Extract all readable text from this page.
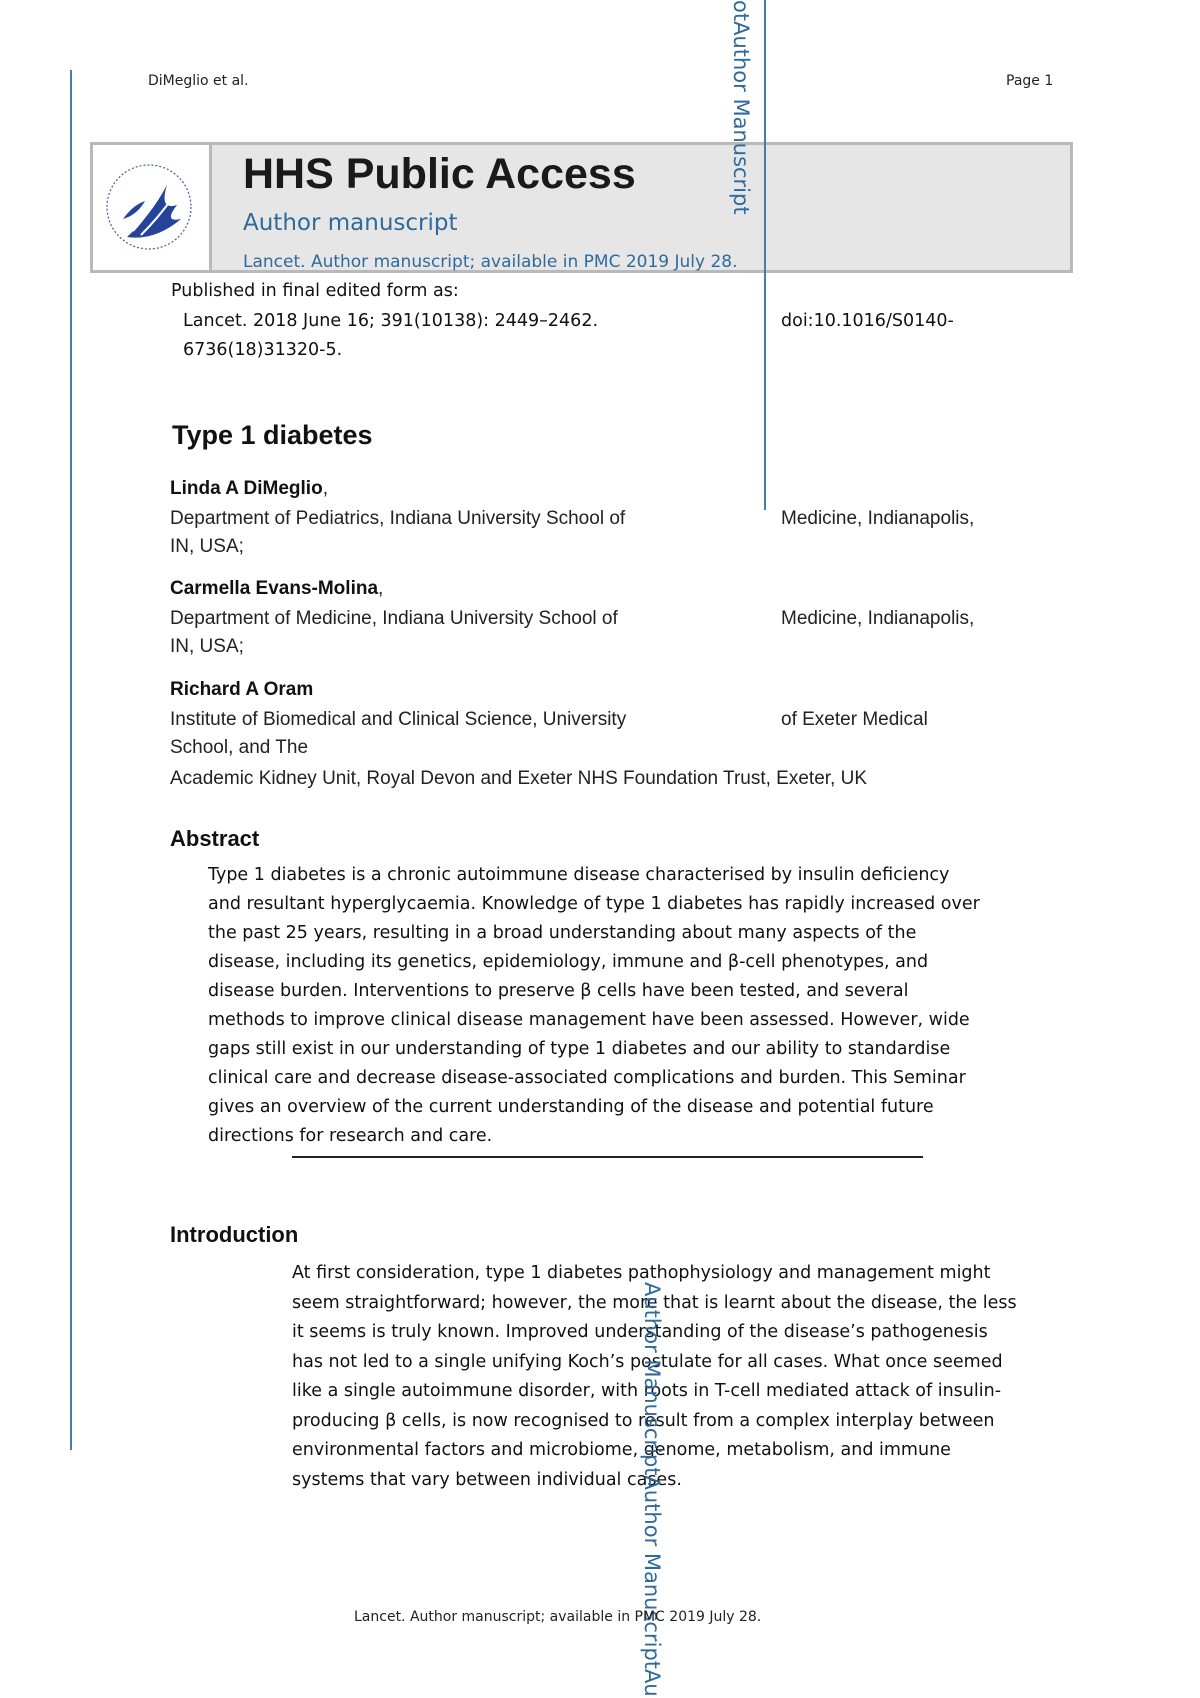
DiMeglio et al.	Page 1
HHS Public Access
Author manuscript
Lancet. Author manuscript; available in PMC 2019 July 28.
otAuthor Manuscript
Published in final edited form as:
Lancet. 2018 June 16; 391(10138): 2449–2462.	doi:10.1016/S0140-
6736(18)31320-5.
Type 1 diabetes
Linda A DiMeglio,
Department of Pediatrics, Indiana University School of	Medicine, Indianapolis,
IN, USA;
Carmella Evans-Molina,
Department of Medicine, Indiana University School of	Medicine, Indianapolis,
IN, USA;
Richard A Oram
Institute of Biomedical and Clinical Science, University	of Exeter Medical
School, and The
Academic Kidney Unit, Royal Devon and Exeter NHS Foundation Trust, Exeter, UK
Abstract
Type 1 diabetes is a chronic autoimmune disease characterised by insulin deficiency
and resultant hyperglycaemia. Knowledge of type 1 diabetes has rapidly increased over
the past 25 years, resulting in a broad understanding about many aspects of the
disease, including its genetics, epidemiology, immune and β-cell phenotypes, and
disease burden. Interventions to preserve β cells have been tested, and several
methods to improve clinical disease management have been assessed. However, wide
gaps still exist in our understanding of type 1 diabetes and our ability to standardise
clinical care and decrease disease-associated complications and burden. This Seminar
gives an overview of the current understanding of the disease and potential future
directions for research and care.
Introduction
At first consideration, type 1 diabetes pathophysiology and management might
seem straightforward; however, the more that is learnt about the disease, the less
it seems is truly known. Improved understanding of the disease’s pathogenesis
has not led to a single unifying Koch’s postulate for all cases. What once seemed
like a single autoimmune disorder, with roots in T-cell mediated attack of insulin-
producing β cells, is now recognised to result from a complex interplay between
environmental factors and microbiome, genome, metabolism, and immune
systems that vary between individual cases.
Author ManuscriptAuthor ManuscriptAu
Lancet. Author manuscript; available in PMC 2019 July 28.
